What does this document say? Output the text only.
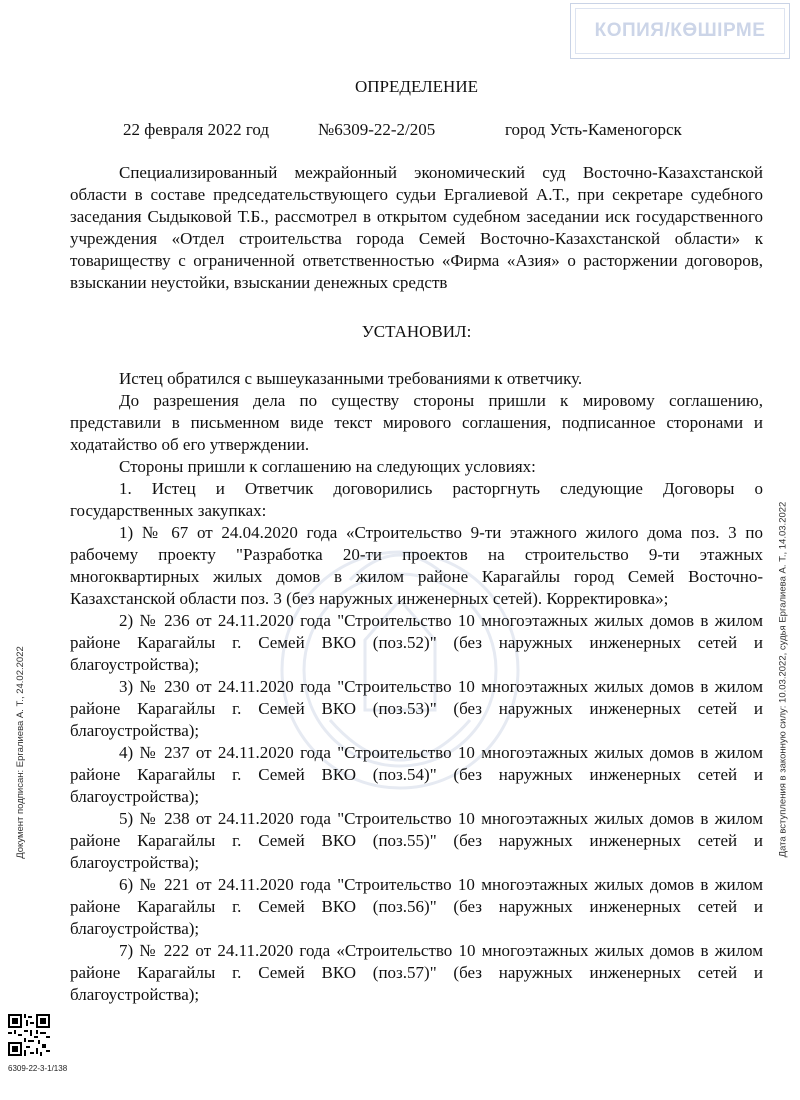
КОПИЯ/КӨШІРМЕ
ОПРЕДЕЛЕНИЕ
22 февраля 2022 год	№6309-22-2/205	город Усть-Каменогорск

Специализированный межрайонный экономический суд Восточно-Казахстанской области в составе председательствующего судьи Ергалиевой А.Т., при секретаре судебного заседания Сыдыковой Т.Б., рассмотрел в открытом судебном заседании иск государственного учреждения «Отдел строительства города Семей Восточно-Казахстанской области» к товариществу с ограниченной ответственностью «Фирма «Азия» о расторжении договоров, взыскании неустойки, взыскании денежных средств

УСТАНОВИЛ:

Истец обратился с вышеуказанными требованиями к ответчику.

До разрешения дела по существу стороны пришли к мировому соглашению, представили в письменном виде текст мирового соглашения, подписанное сторонами и ходатайство об его утверждении.

Стороны пришли к соглашению на следующих условиях:

1. Истец и Ответчик договорились расторгнуть следующие Договоры о государственных закупках:

1) № 67 от 24.04.2020 года «Строительство 9-ти этажного жилого дома поз. 3 по рабочему проекту "Разработка 20-ти проектов на строительство 9-ти этажных многоквартирных жилых домов в жилом районе Карагайлы город Семей Восточно-Казахстанской области поз. 3 (без наружных инженерных сетей). Корректировка»;

2) № 236 от 24.11.2020 года "Строительство 10 многоэтажных жилых домов в жилом районе Карагайлы г. Семей ВКО (поз.52)" (без наружных инженерных сетей и благоустройства);

3) № 230 от 24.11.2020 года "Строительство 10 многоэтажных жилых домов в жилом районе Карагайлы г. Семей ВКО (поз.53)" (без наружных инженерных сетей и благоустройства);

4) № 237 от 24.11.2020 года "Строительство 10 многоэтажных жилых домов в жилом районе Карагайлы г. Семей ВКО (поз.54)" (без наружных инженерных сетей и благоустройства);

5) № 238 от 24.11.2020 года "Строительство 10 многоэтажных жилых домов в жилом районе Карагайлы г. Семей ВКО (поз.55)" (без наружных инженерных сетей и благоустройства);

6) № 221 от 24.11.2020 года "Строительство 10 многоэтажных жилых домов в жилом районе Карагайлы г. Семей ВКО (поз.56)" (без наружных инженерных сетей и благоустройства);

7) № 222 от 24.11.2020 года «Строительство 10 многоэтажных жилых домов в жилом районе Карагайлы г. Семей ВКО (поз.57)" (без наружных инженерных сетей и благоустройства);

Документ подписан: Ергалиева А. Т., 24.02.2022	Дата вступления в законную силу: 10.03.2022, судья Ергалиева А. Т., 14.03.2022
6309-22-3-1/138
